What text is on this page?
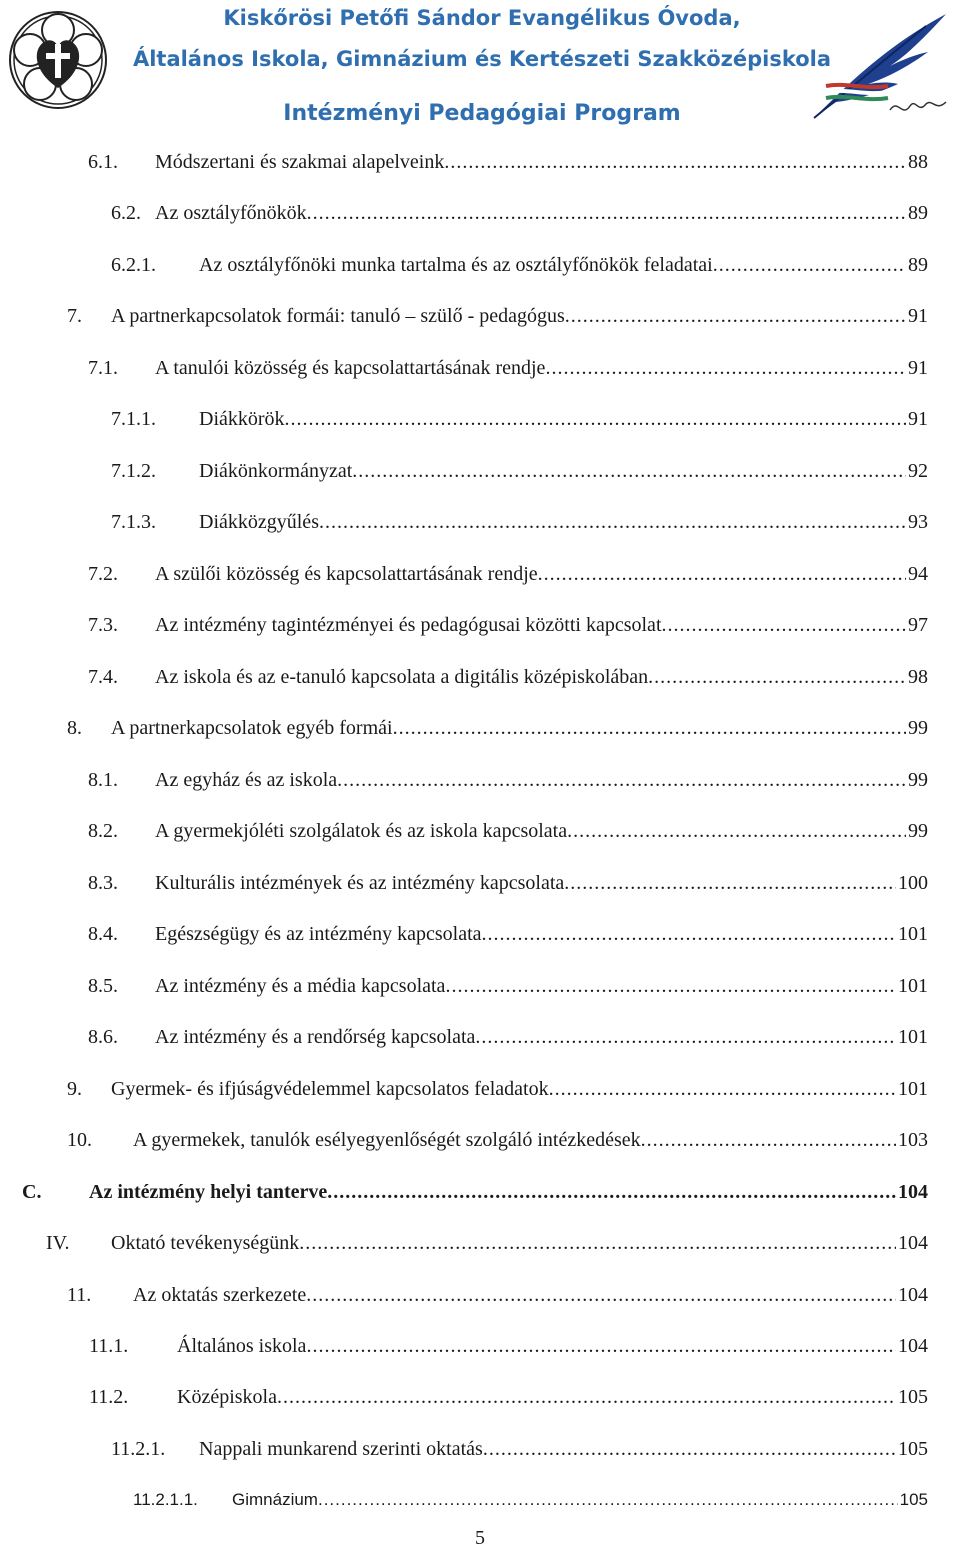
Kiskőrösi Petőfi Sándor Evangélikus Óvoda,
Általános Iskola, Gimnázium és Kertészeti Szakközépiskola
Intézményi Pedagógiai Program
6.1. Módszertani és szakmai alapelveink .....	88
6.2. Az osztályfőnökök .....	89
6.2.1. Az osztályfőnöki munka tartalma és az osztályfőnökök feladatai .....	89
7. A partnerkapcsolatok formái: tanuló – szülő - pedagógus .....	91
7.1. A tanulói közösség és kapcsolattartásának rendje .....	91
7.1.1. Diákkörök .....	91
7.1.2. Diákönkormányzat .....	92
7.1.3. Diákközgyűlés .....	93
7.2. A szülői közösség és kapcsolattartásának rendje .....	94
7.3. Az intézmény tagintézményei és pedagógusai közötti kapcsolat .....	97
7.4. Az iskola és az e-tanuló kapcsolata a digitális középiskolában .....	98
8. A partnerkapcsolatok egyéb formái .....	99
8.1. Az egyház és az iskola .....	99
8.2. A gyermekjóléti szolgálatok és az iskola kapcsolata .....	99
8.3. Kulturális intézmények és az intézmény kapcsolata .....	100
8.4. Egészségügy és az intézmény kapcsolata .....	101
8.5. Az intézmény és a média kapcsolata .....	101
8.6. Az intézmény és a rendőrség kapcsolata .....	101
9. Gyermek- és ifjúságvédelemmel kapcsolatos feladatok .....	101
10. A gyermekek, tanulók esélyegyenlőségét szolgáló intézkedések .....	103
C. Az intézmény helyi tanterve .....	104
IV. Oktató tevékenységünk .....	104
11. Az oktatás szerkezete .....	104
11.1. Általános iskola .....	104
11.2. Középiskola .....	105
11.2.1. Nappali munkarend szerinti oktatás .....	105
11.2.1.1. Gimnázium .....	105
5
